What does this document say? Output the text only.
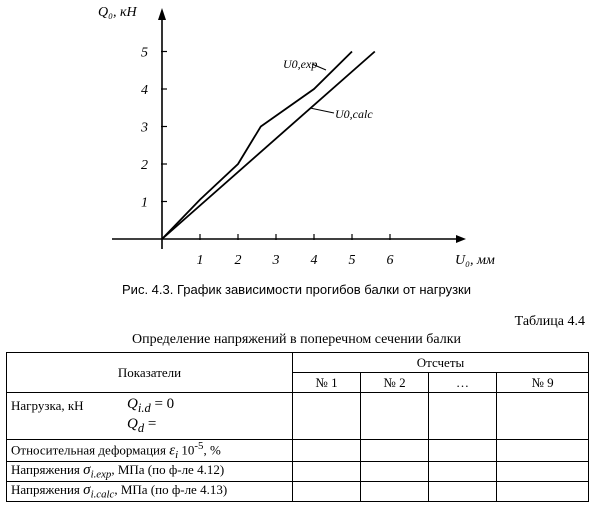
1 2 3 4 5 6
1
2
3
4
5
Q₀, кН
U₀, мм
U0,exp
U0,calc
Рис. 4.3. График зависимости прогибов балки от нагрузки
Таблица 4.4
Определение напряжений в поперечном сечении балки
Показатели	Отсчеты			
	№ 1	№ 2	…	№ 9

Нагрузка, кН $Q_{i.d} = 0$
$Q_d$ =				

Относительная деформация $\varepsilon_i$ $10^{-5}$, %				
Напряжения $\sigma_{i.exp}$, МПа (по ф-ле 4.12)				
Напряжения $\sigma_{i.calc}$, МПа (по ф-ле 4.13)				
